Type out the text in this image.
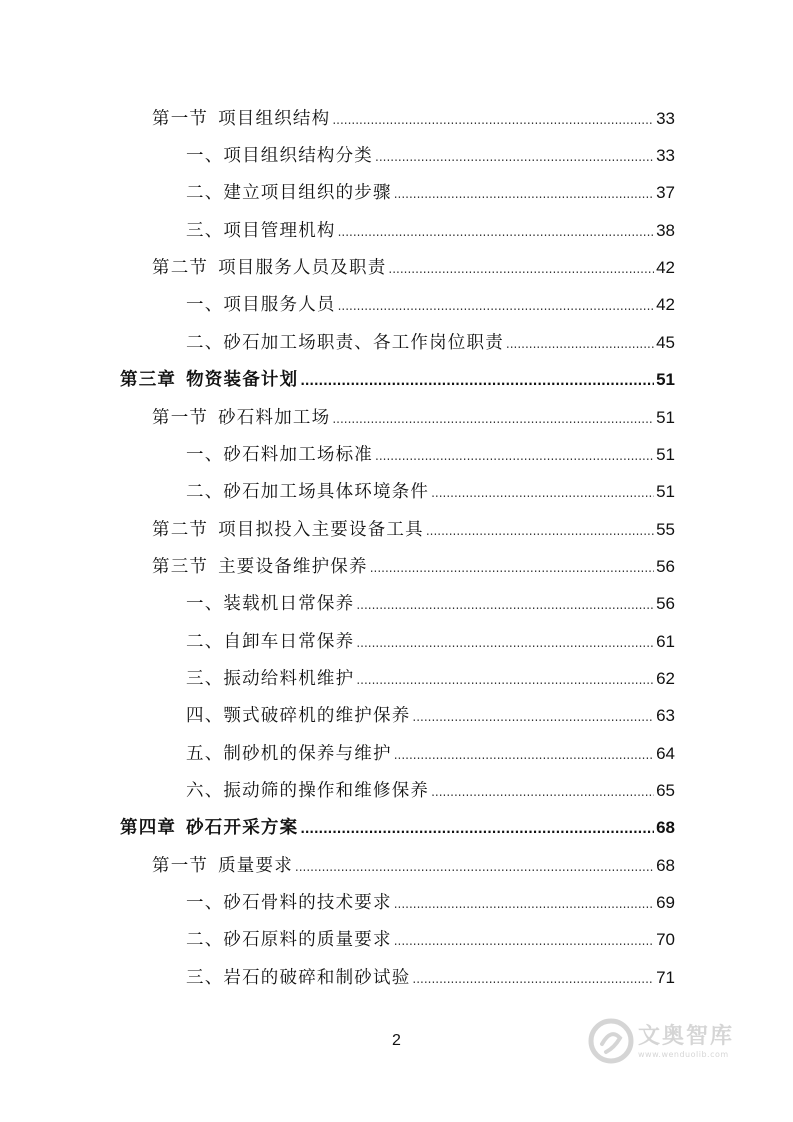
第一节 项目组织结构 .....	33
一、项目组织结构分类 .....	33
二、建立项目组织的步骤 .....	37
三、项目管理机构 .....	38
第二节 项目服务人员及职责 .....	42
一、项目服务人员 .....	42
二、砂石加工场职责、各工作岗位职责 .....	45
第三章 物资装备计划 .....	51
第一节 砂石料加工场 .....	51
一、砂石料加工场标准 .....	51
二、砂石加工场具体环境条件 .....	51
第二节 项目拟投入主要设备工具 .....	55
第三节 主要设备维护保养 .....	56
一、装载机日常保养 .....	56
二、自卸车日常保养 .....	61
三、振动给料机维护 .....	62
四、颚式破碎机的维护保养 .....	63
五、制砂机的保养与维护 .....	64
六、振动筛的操作和维修保养 .....	65
第四章 砂石开采方案 .....	68
第一节 质量要求 .....	68
一、砂石骨料的技术要求 .....	69
二、砂石原料的质量要求 .....	70
三、岩石的破碎和制砂试验 .....	71
2	文奥智库
www.wenduolib.com
